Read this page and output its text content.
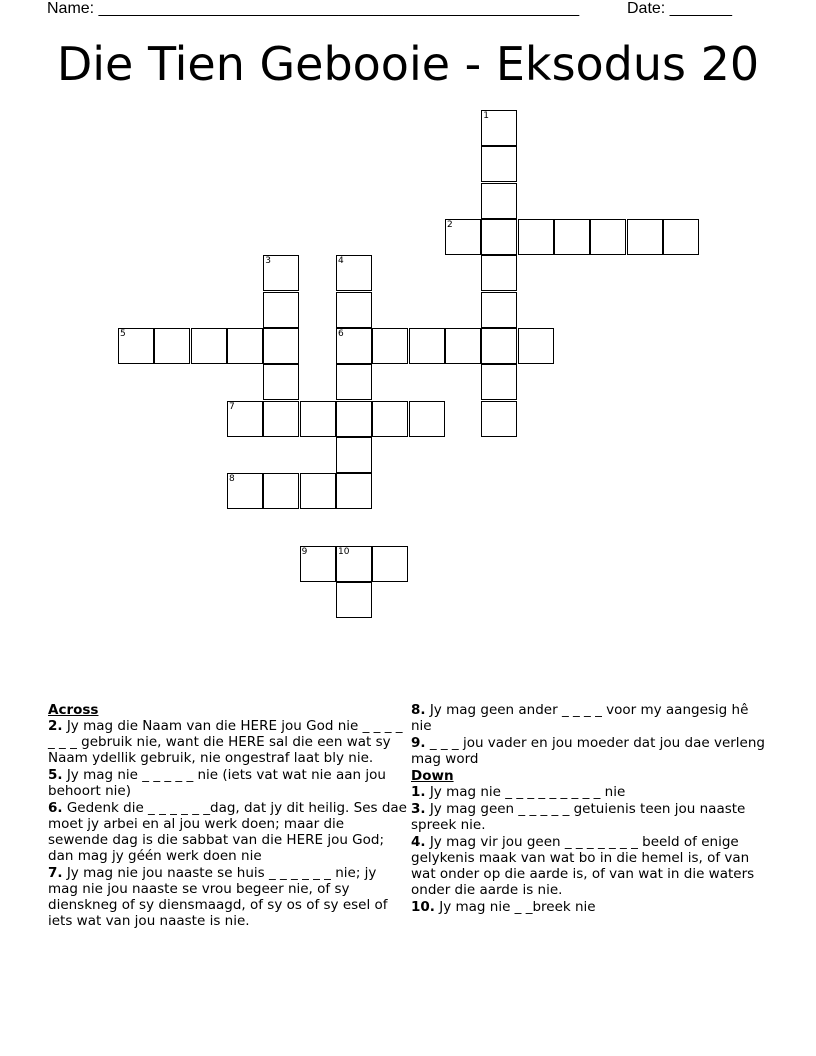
Name: ______________________________________________________	Date: _______
Die Tien Gebooie - Eksodus 20
1
2
3	4
5	6
7
8
9	10
Across
2. Jy mag die Naam van die HERE jou God nie _ _ _ _ _ _ _ gebruik nie, want die HERE sal die een wat sy Naam ydellik gebruik, nie ongestraf laat bly nie.
5. Jy mag nie _ _ _ _ _ nie (iets vat wat nie aan jou behoort nie)
6. Gedenk die _ _ _ _ _ _dag, dat jy dit heilig. Ses dae moet jy arbei en al jou werk doen; maar die sewende dag is die sabbat van die HERE jou God; dan mag jy géén werk doen nie
7. Jy mag nie jou naaste se huis _ _ _ _ _ _ nie; jy mag nie jou naaste se vrou begeer nie, of sy dienskneg of sy diensmaagd, of sy os of sy esel of iets wat van jou naaste is nie.
8. Jy mag geen ander _ _ _ _ voor my aangesig hê nie
9. _ _ _ jou vader en jou moeder dat jou dae verleng mag word
Down
1. Jy mag nie _ _ _ _ _ _ _ _ _ nie
3. Jy mag geen _ _ _ _ _ getuienis teen jou naaste spreek nie.
4. Jy mag vir jou geen _ _ _ _ _ _ _ beeld of enige gelykenis maak van wat bo in die hemel is, of van wat onder op die aarde is, of van wat in die waters onder die aarde is nie.
10. Jy mag nie _ _breek nie
